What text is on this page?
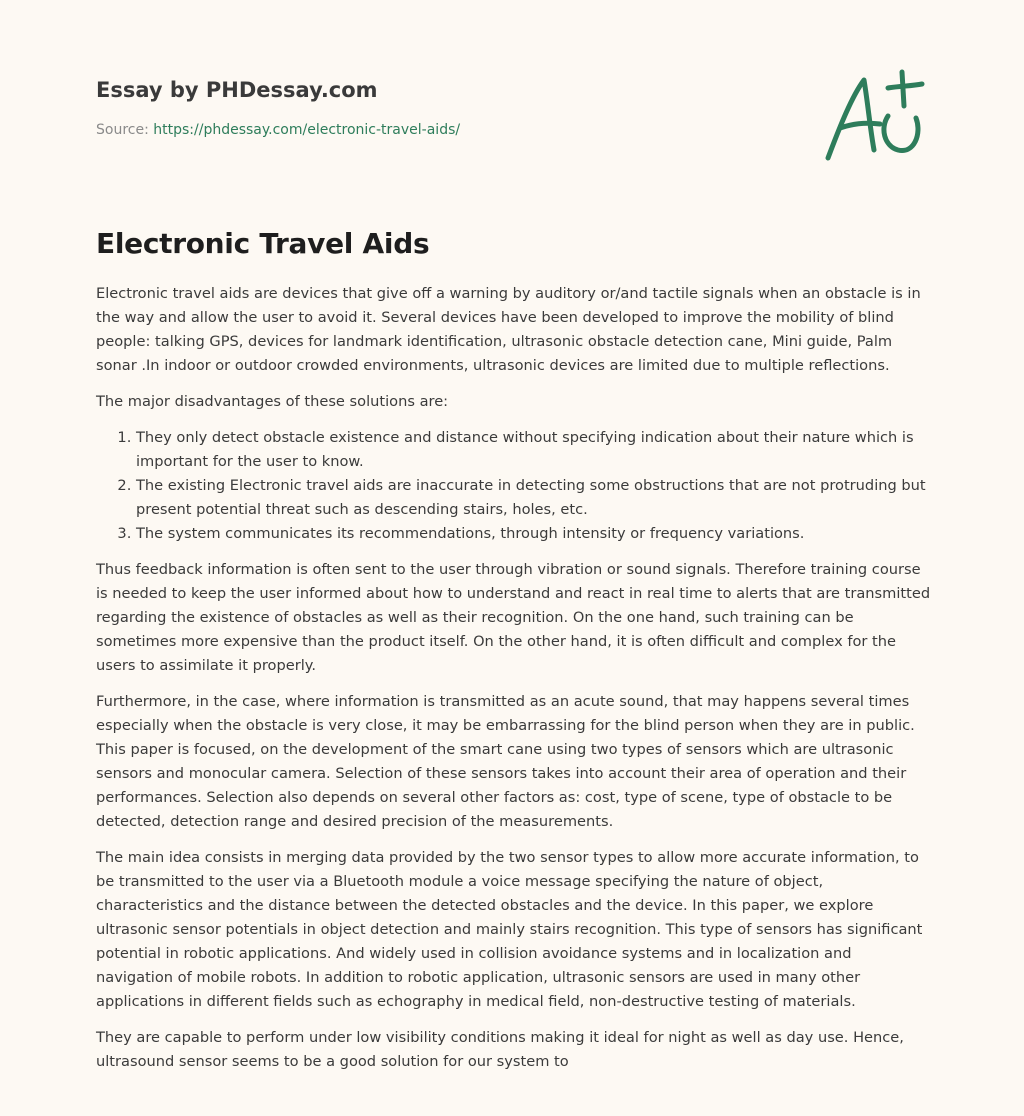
Essay by PHDessay.com

Source: https://phdessay.com/electronic-travel-aids/
Electronic Travel Aids

Electronic travel aids are devices that give off a warning by auditory or/and tactile signals when an obstacle is in the way and allow the user to avoid it. Several devices have been developed to improve the mobility of blind people: talking GPS, devices for landmark identification, ultrasonic obstacle detection cane, Mini guide, Palm sonar .In indoor or outdoor crowded environments, ultrasonic devices are limited due to multiple reflections.

The major disadvantages of these solutions are:

1. They only detect obstacle existence and distance without specifying indication about their nature which is important for the user to know.
2. The existing Electronic travel aids are inaccurate in detecting some obstructions that are not protruding but present potential threat such as descending stairs, holes, etc.
3. The system communicates its recommendations, through intensity or frequency variations.

Thus feedback information is often sent to the user through vibration or sound signals. Therefore training course is needed to keep the user informed about how to understand and react in real time to alerts that are transmitted regarding the existence of obstacles as well as their recognition. On the one hand, such training can be sometimes more expensive than the product itself. On the other hand, it is often difficult and complex for the users to assimilate it properly.

Furthermore, in the case, where information is transmitted as an acute sound, that may happens several times especially when the obstacle is very close, it may be embarrassing for the blind person when they are in public. This paper is focused, on the development of the smart cane using two types of sensors which are ultrasonic sensors and monocular camera. Selection of these sensors takes into account their area of operation and their performances. Selection also depends on several other factors as: cost, type of scene, type of obstacle to be detected, detection range and desired precision of the measurements.

The main idea consists in merging data provided by the two sensor types to allow more accurate information, to be transmitted to the user via a Bluetooth module a voice message specifying the nature of object, characteristics and the distance between the detected obstacles and the device. In this paper, we explore ultrasonic sensor potentials in object detection and mainly stairs recognition. This type of sensors has significant potential in robotic applications. And widely used in collision avoidance systems and in localization and navigation of mobile robots. In addition to robotic application, ultrasonic sensors are used in many other applications in different fields such as echography in medical field, non-destructive testing of materials.

They are capable to perform under low visibility conditions making it ideal for night as well as day use. Hence, ultrasound sensor seems to be a good solution for our system to
